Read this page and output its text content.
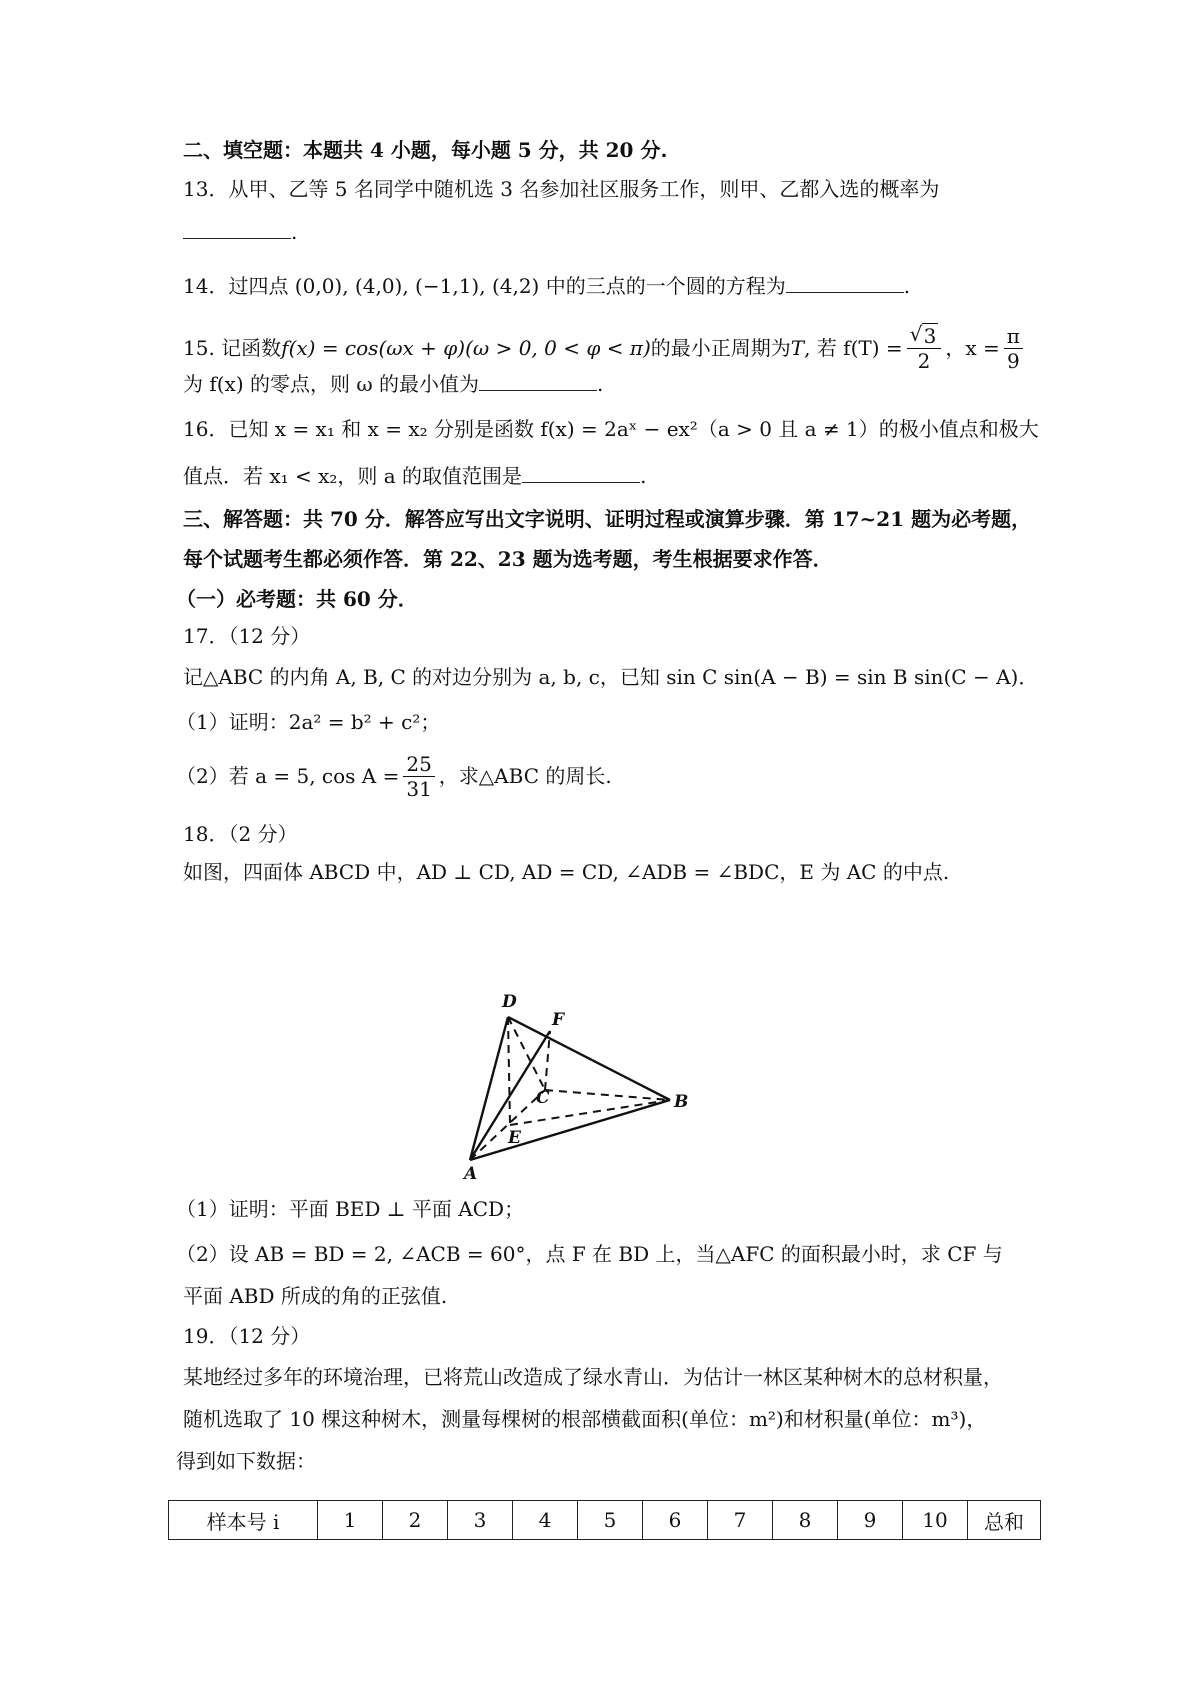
二、填空题：本题共 4 小题，每小题 5 分，共 20 分.
13．从甲、乙等 5 名同学中随机选 3 名参加社区服务工作，则甲、乙都入选的概率为
.
14．过四点 (0,0), (4,0), (−1,1), (4,2) 中的三点的一个圆的方程为	.
15. 记函数 f(x) = cos(ωx + φ)(ω > 0, 0 < φ < π) 的最小正周期为 T , 若 $f(T) = \frac{√ 3}{2}$ ，$x = \frac{\pi}{9}$
为 f(x) 的零点，则 ω 的最小值为	.
16．已知 x = x₁ 和 x = x₂ 分别是函数 f(x) = 2aˣ − ex²（a > 0 且 a ≠ 1）的极小值点和极大
值点．若 x₁ < x₂，则 a 的取值范围是	.
三、解答题：共 70 分．解答应写出文字说明、证明过程或演算步骤．第 17~21 题为必考题，
每个试题考生都必须作答．第 22、23 题为选考题，考生根据要求作答．
（一）必考题：共 60 分．
17．（12 分）
记△ABC 的内角 A, B, C 的对边分别为 a, b, c，已知 sin C sin(A − B) = sin B sin(C − A)．
（1）证明：2a² = b² + c²；
（2）若 a = 5, $\cos A = \frac{25}{31}$ ，求△ABC 的周长.
18．（2 分）
如图，四面体 ABCD 中，AD ⊥ CD, AD = CD, ∠ADB = ∠BDC，E 为 AC 的中点.
D
F
C
E
A
B
（1）证明：平面 BED ⊥ 平面 ACD；
（2）设 AB = BD = 2, ∠ACB = 60°，点 F 在 BD 上，当△AFC 的面积最小时，求 CF 与
平面 ABD 所成的角的正弦值.
19．（12 分）
某地经过多年的环境治理，已将荒山改造成了绿水青山．为估计一林区某种树木的总材积量，
随机选取了 10 棵这种树木，测量每棵树的根部横截面积(单位：m²)和材积量(单位：m³)，
得到如下数据：
样本号 i	1	2	3	4	5	6	7	8	9	10	总和
